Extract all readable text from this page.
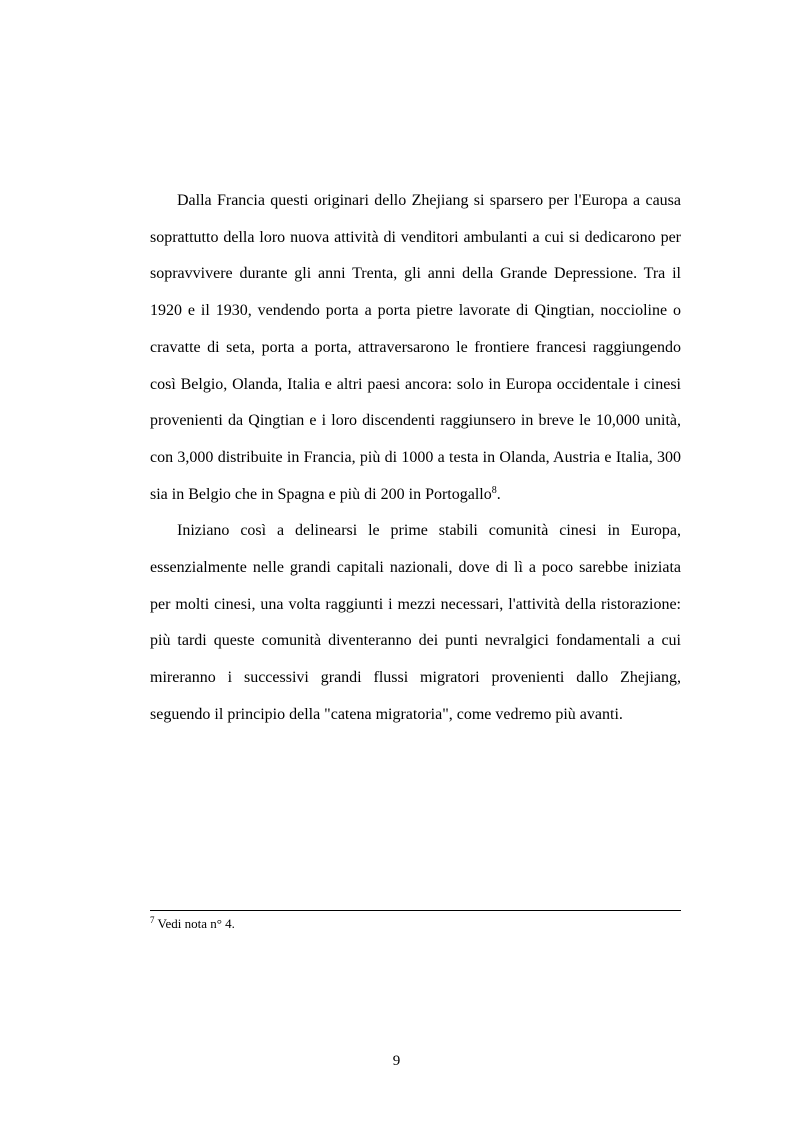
Dalla Francia questi originari dello Zhejiang si sparsero per l'Europa a causa soprattutto della loro nuova attività di venditori ambulanti a cui si dedicarono per sopravvivere durante gli anni Trenta, gli anni della Grande Depressione. Tra il 1920 e il 1930, vendendo porta a porta pietre lavorate di Qingtian, noccioline o cravatte di seta, porta a porta, attraversarono le frontiere francesi raggiungendo così Belgio, Olanda, Italia e altri paesi ancora: solo in Europa occidentale i cinesi provenienti da Qingtian e i loro discendenti raggiunsero in breve le 10,000 unità, con 3,000 distribuite in Francia, più di 1000 a testa in Olanda, Austria e Italia, 300 sia in Belgio che in Spagna e più di 200 in Portogallo$^8$.

Iniziano così a delinearsi le prime stabili comunità cinesi in Europa, essenzialmente nelle grandi capitali nazionali, dove di lì a poco sarebbe iniziata per molti cinesi, una volta raggiunti i mezzi necessari, l'attività della ristorazione: più tardi queste comunità diventeranno dei punti nevralgici fondamentali a cui mireranno i successivi grandi flussi migratori provenienti dallo Zhejiang, seguendo il principio della "catena migratoria", come vedremo più avanti.

$^7$ Vedi nota n° 4.
9
